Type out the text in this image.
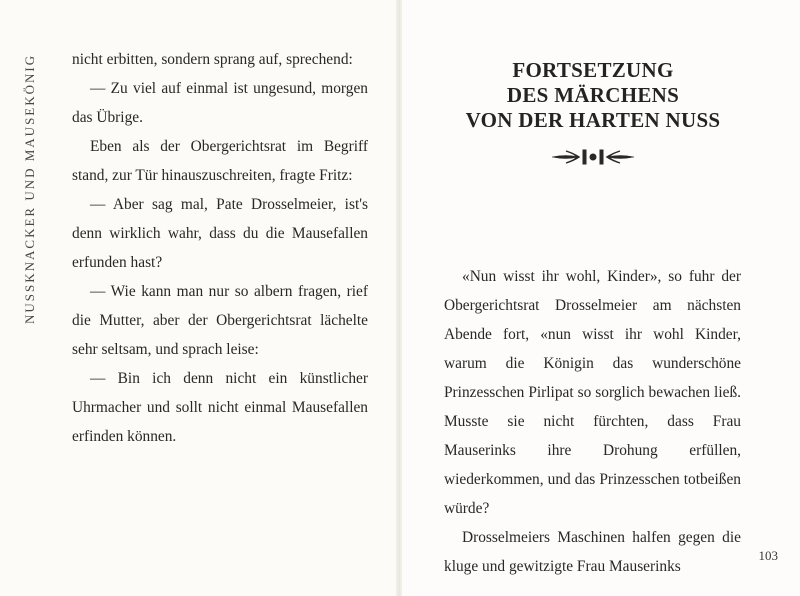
NUSSKNACKER UND MAUSEKÖNIG nicht erbitten, sondern sprang auf, sprechend:

— Zu viel auf einmal ist ungesund, morgen das Übrige.

Eben als der Obergerichtsrat im Begriff stand, zur Tür hinauszuschreiten, fragte Fritz:

— Aber sag mal, Pate Drosselmeier, ist's denn wirklich wahr, dass du die Mausefallen erfunden hast?

— Wie kann man nur so albern fragen, rief die Mutter, aber der Obergerichtsrat lächelte sehr seltsam, und sprach leise:

— Bin ich denn nicht ein künstlicher Uhrmacher und sollt nicht einmal Mausefallen erfinden können.

FORTSETZUNG
DES MÄRCHENS
VON DER HARTEN NUSS

«Nun wisst ihr wohl, Kinder», so fuhr der Obergerichtsrat Drosselmeier am nächsten Abende fort, «nun wisst ihr wohl Kinder, warum die Königin das wunderschöne Prinzesschen Pirlipat so sorglich bewachen ließ. Musste sie nicht fürchten, dass Frau Mauserinks ihre Drohung erfüllen, wiederkommen, und das Prinzesschen totbeißen würde?

Drosselmeiers Maschinen halfen gegen die kluge und gewitzigte Frau Mauserinks

103
